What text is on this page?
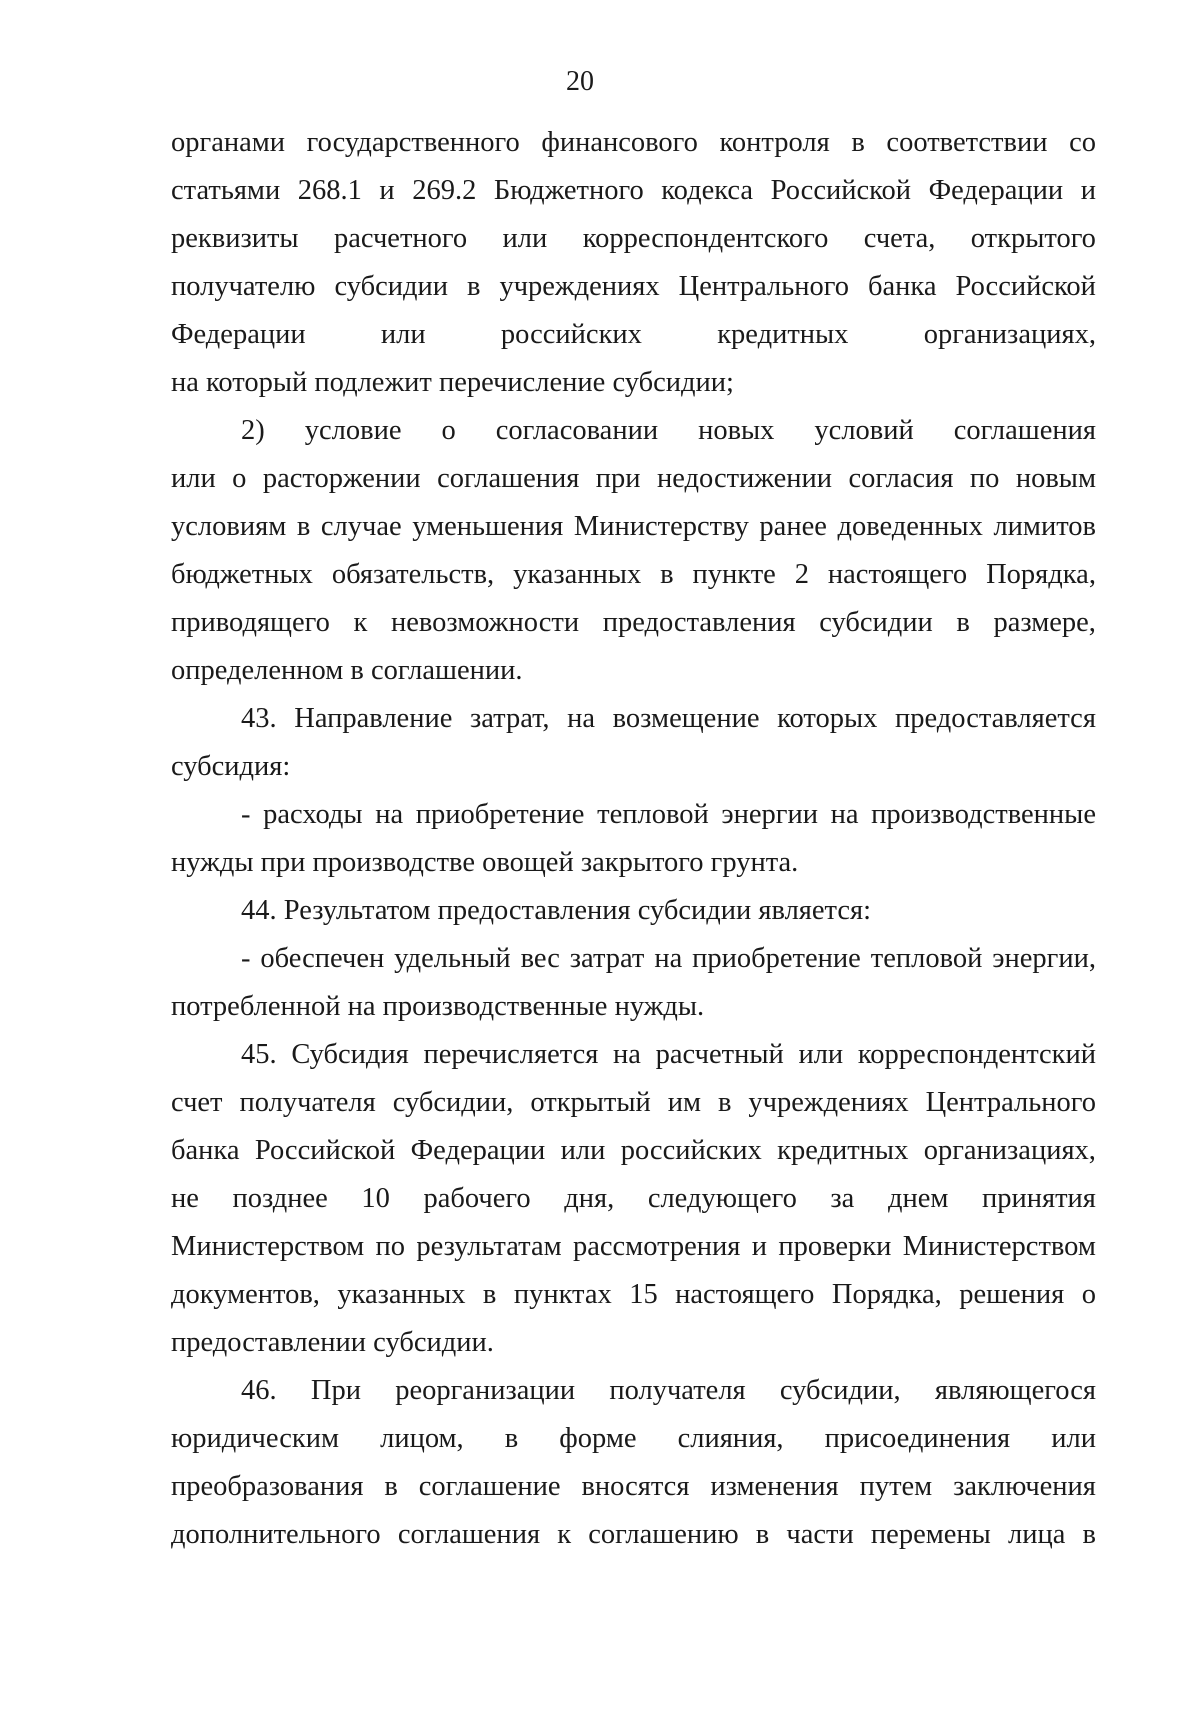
20
органами государственного финансового контроля в соответствии со
статьями 268.1 и 269.2 Бюджетного кодекса Российской Федерации и
реквизиты расчетного или корреспондентского счета, открытого
получателю субсидии в учреждениях Центрального банка Российской
Федерации	или	российских	кредитных	организациях,
на который подлежит перечисление субсидии;
2) условие о согласовании новых условий соглашения
или о расторжении соглашения при недостижении согласия по новым
условиям в случае уменьшения Министерству ранее доведенных лимитов
бюджетных обязательств, указанных в пункте 2 настоящего Порядка,
приводящего к невозможности предоставления субсидии в размере,
определенном в соглашении.
43. Направление затрат, на возмещение которых предоставляется
субсидия:
- расходы на приобретение тепловой энергии на производственные
нужды при производстве овощей закрытого грунта.
44. Результатом предоставления субсидии является:
- обеспечен удельный вес затрат на приобретение тепловой энергии,
потребленной на производственные нужды.
45. Субсидия перечисляется на расчетный или корреспондентский
счет получателя субсидии, открытый им в учреждениях Центрального
банка Российской Федерации или российских кредитных организациях,
не позднее 10 рабочего дня, следующего за днем принятия
Министерством по результатам рассмотрения и проверки Министерством
документов, указанных в пунктах 15 настоящего Порядка, решения о
предоставлении субсидии.
46. При реорганизации получателя субсидии, являющегося
юридическим лицом, в форме слияния, присоединения или
преобразования в соглашение вносятся изменения путем заключения
дополнительного соглашения к соглашению в части перемены лица в
